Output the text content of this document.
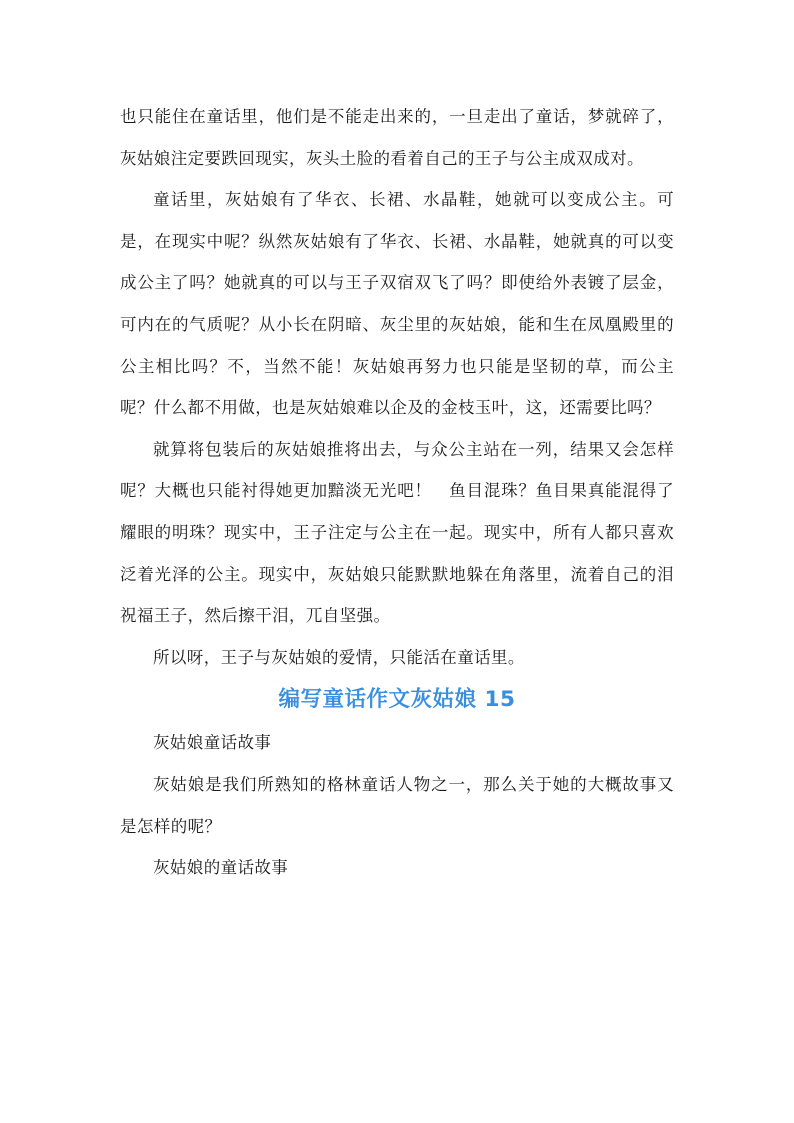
也只能住在童话里，他们是不能走出来的，一旦走出了童话，梦就碎了，灰姑娘注定要跌回现实，灰头土脸的看着自己的王子与公主成双成对。

童话里，灰姑娘有了华衣、长裙、水晶鞋，她就可以变成公主。可是，在现实中呢？纵然灰姑娘有了华衣、长裙、水晶鞋，她就真的可以变成公主了吗？她就真的可以与王子双宿双飞了吗？即使给外表镀了层金，可内在的气质呢？从小长在阴暗、灰尘里的灰姑娘，能和生在凤凰殿里的公主相比吗？不，当然不能！灰姑娘再努力也只能是坚韧的草，而公主呢？什么都不用做，也是灰姑娘难以企及的金枝玉叶，这，还需要比吗？

就算将包装后的灰姑娘推将出去，与众公主站在一列，结果又会怎样呢？大概也只能衬得她更加黯淡无光吧！　鱼目混珠？鱼目果真能混得了耀眼的明珠？现实中，王子注定与公主在一起。现实中，所有人都只喜欢泛着光泽的公主。现实中，灰姑娘只能默默地躲在角落里，流着自己的泪祝福王子，然后擦干泪，兀自坚强。

所以呀，王子与灰姑娘的爱情，只能活在童话里。

编写童话作文灰姑娘 15

灰姑娘童话故事

灰姑娘是我们所熟知的格林童话人物之一，那么关于她的大概故事又是怎样的呢？

灰姑娘的童话故事
